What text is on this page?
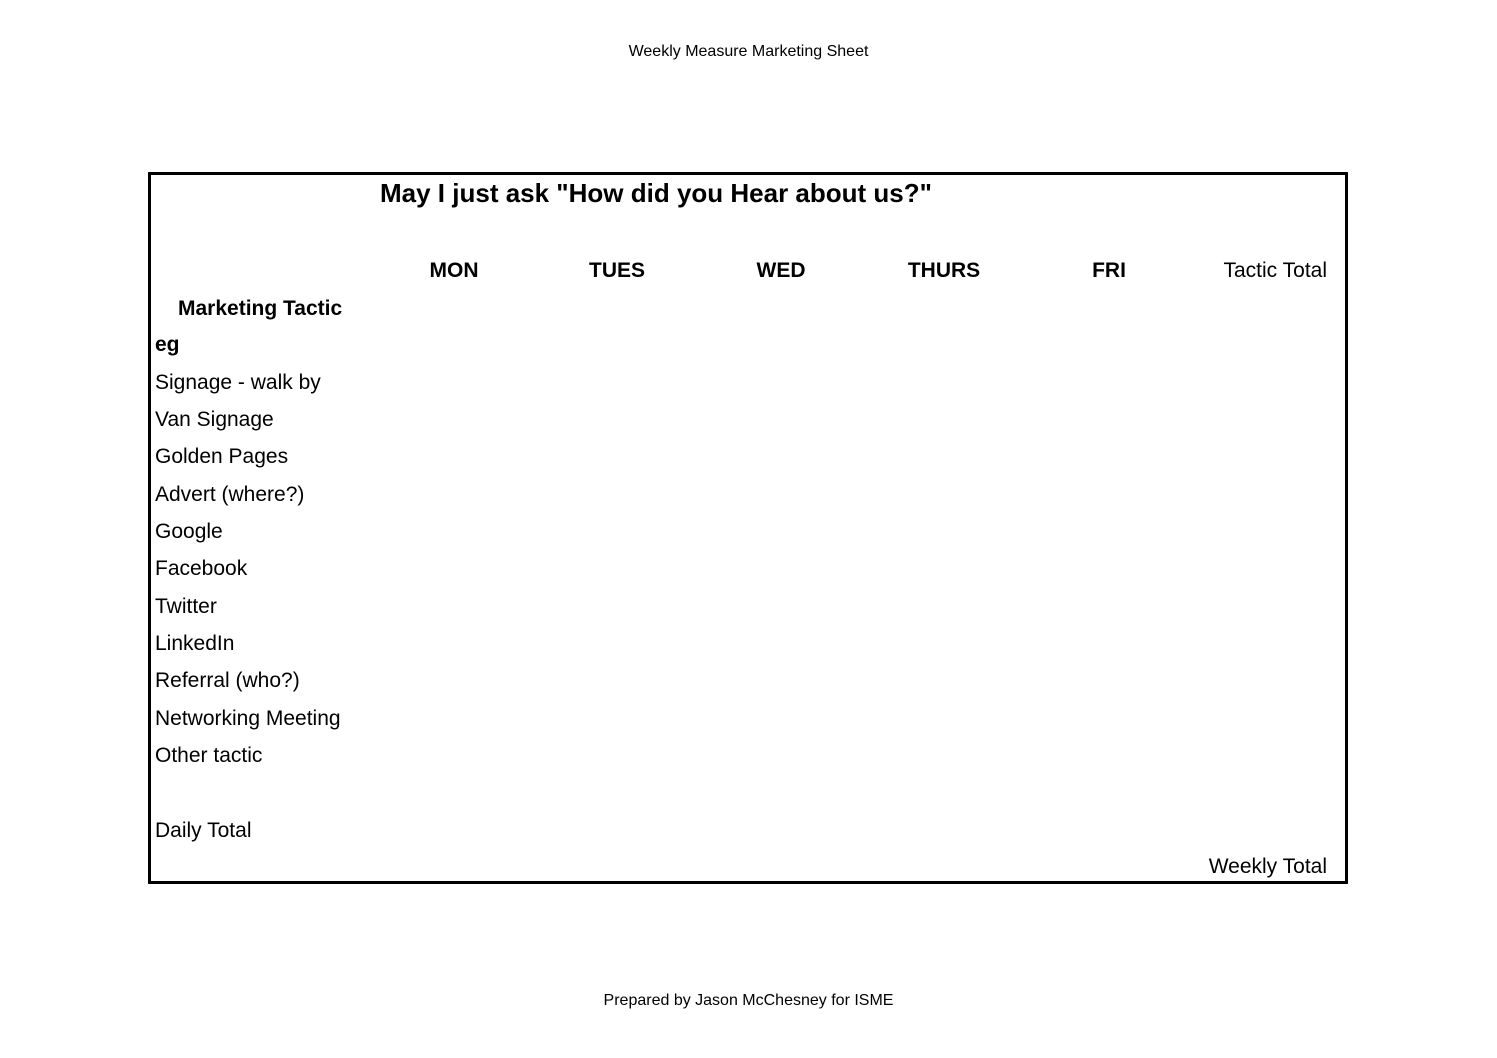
Weekly Measure Marketing Sheet
May I just ask "How did you Hear about us?"
MON	TUES	WED	THURS	FRI	Tactic Total
Marketing Tactic
eg
Signage - walk by
Van Signage
Golden Pages
Advert (where?)
Google
Facebook
Twitter
LinkedIn
Referral (who?)
Networking Meeting
Other tactic
Daily Total
Weekly Total
Prepared by Jason McChesney for ISME
